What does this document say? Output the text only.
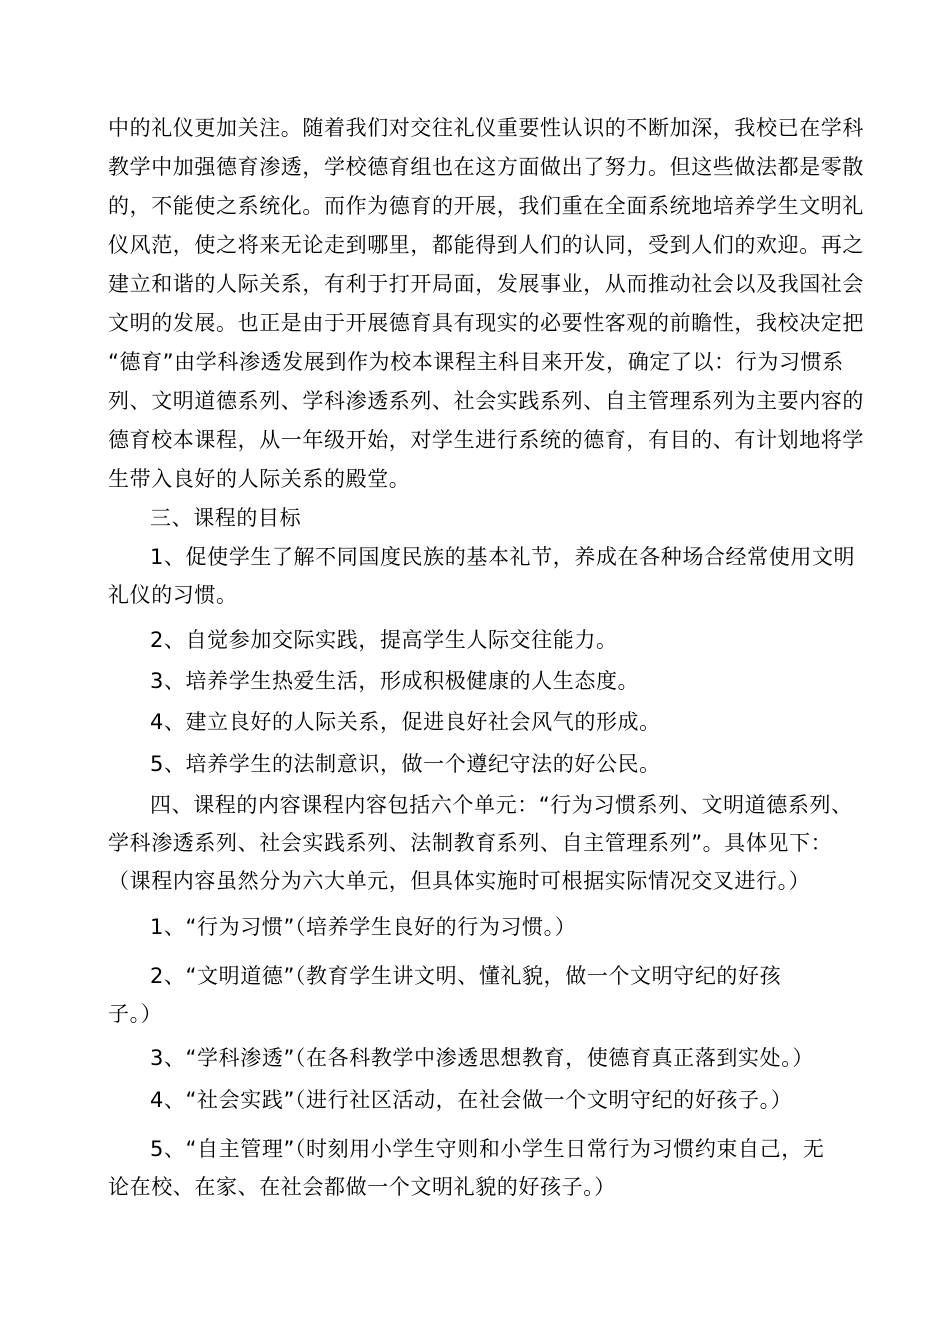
中的礼仪更加关注。随着我们对交往礼仪重要性认识的不断加深，我校已在学科
教学中加强德育渗透，学校德育组也在这方面做出了努力。但这些做法都是零散
的，不能使之系统化。而作为德育的开展，我们重在全面系统地培养学生文明礼
仪风范，使之将来无论走到哪里，都能得到人们的认同，受到人们的欢迎。再之
建立和谐的人际关系，有利于打开局面，发展事业，从而推动社会以及我国社会
文明的发展。也正是由于开展德育具有现实的必要性客观的前瞻性，我校决定把
“德育”由学科渗透发展到作为校本课程主科目来开发，确定了以：行为习惯系
列、文明道德系列、学科渗透系列、社会实践系列、自主管理系列为主要内容的
德育校本课程，从一年级开始，对学生进行系统的德育，有目的、有计划地将学
生带入良好的人际关系的殿堂。
三、课程的目标
1、促使学生了解不同国度民族的基本礼节，养成在各种场合经常使用文明
礼仪的习惯。
2、自觉参加交际实践，提高学生人际交往能力。
3、培养学生热爱生活，形成积极健康的人生态度。
4、建立良好的人际关系，促进良好社会风气的形成。
5、培养学生的法制意识，做一个遵纪守法的好公民。
四、课程的内容课程内容包括六个单元：“行为习惯系列、文明道德系列、
学科渗透系列、社会实践系列、法制教育系列、自主管理系列”。具体见下：
（课程内容虽然分为六大单元，但具体实施时可根据实际情况交叉进行。）
1、“行为习惯”（培养学生良好的行为习惯。）
2、“文明道德”（教育学生讲文明、懂礼貌，做一个文明守纪的好孩
子。）
3、“学科渗透”（在各科教学中渗透思想教育，使德育真正落到实处。）
4、“社会实践”（进行社区活动，在社会做一个文明守纪的好孩子。）
5、“自主管理”（时刻用小学生守则和小学生日常行为习惯约束自己，无
论在校、在家、在社会都做一个文明礼貌的好孩子。）
